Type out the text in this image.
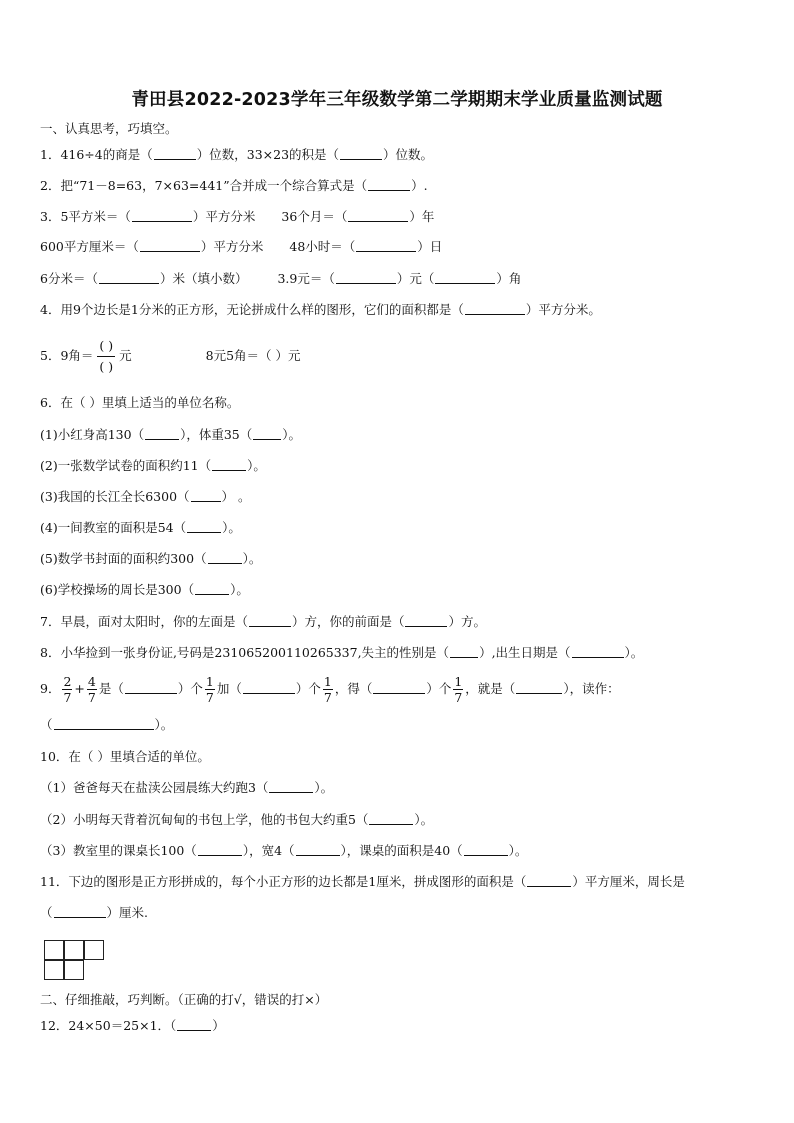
青田县2022-2023学年三年级数学第二学期期末学业质量监测试题
一、认真思考，巧填空。
1．416÷4的商是（	）位数，33×23的积是（	）位数。
2．把“71－8=63，7×63=441”合并成一个综合算式是（	）.
3．5平方米＝（	）平方分米 36个月＝（	）年
600平方厘米＝（	）平方分米 48小时＝（	）日
6分米＝（	）米（填小数） 3.9元＝（	）元（	）角
4．用9个边长是1分米的正方形，无论拼成什么样的图形，它们的面积都是（	）平方分米。
5．9角＝ $\frac{( )}{( )}$ 元	8元5角＝（ ）元
6．在（ ）里填上适当的单位名称。
(1)小红身高130（	），体重35（ ）。
(2)一张数学试卷的面积约11（	）。
(3)我国的长江全长6300（	） 。
(4)一间教室的面积是54（	）。
(5)数学书封面的面积约300（	）。
(6)学校操场的周长是300（	）。
7．早晨，面对太阳时，你的左面是（	）方，你的前面是（	）方。
8．小华捡到一张身份证,号码是231065200110265337,失主的性别是（ ）,出生日期是（	）。
9． $\frac{2}{7} + \frac{4}{7}$ 是（	）个 $\frac{1}{7}$ 加（	）个 $\frac{1}{7}$ ，得（	）个 $\frac{1}{7}$ ，就是（	），读作：
（	）。
10．在（ ）里填合适的单位。
（1）爸爸每天在盐渎公园晨练大约跑3（	）。
（2）小明每天背着沉甸甸的书包上学，他的书包大约重5（	）。
（3）教室里的课桌长100（	），宽4（	），课桌的面积是40（	）。
11．下边的图形是正方形拼成的，每个小正方形的边长都是1厘米，拼成图形的面积是（	）平方厘米，周长是
（	）厘米.
二、仔细推敲，巧判断。（正确的打√，错误的打×）
12．24×50＝25×1．（	）
